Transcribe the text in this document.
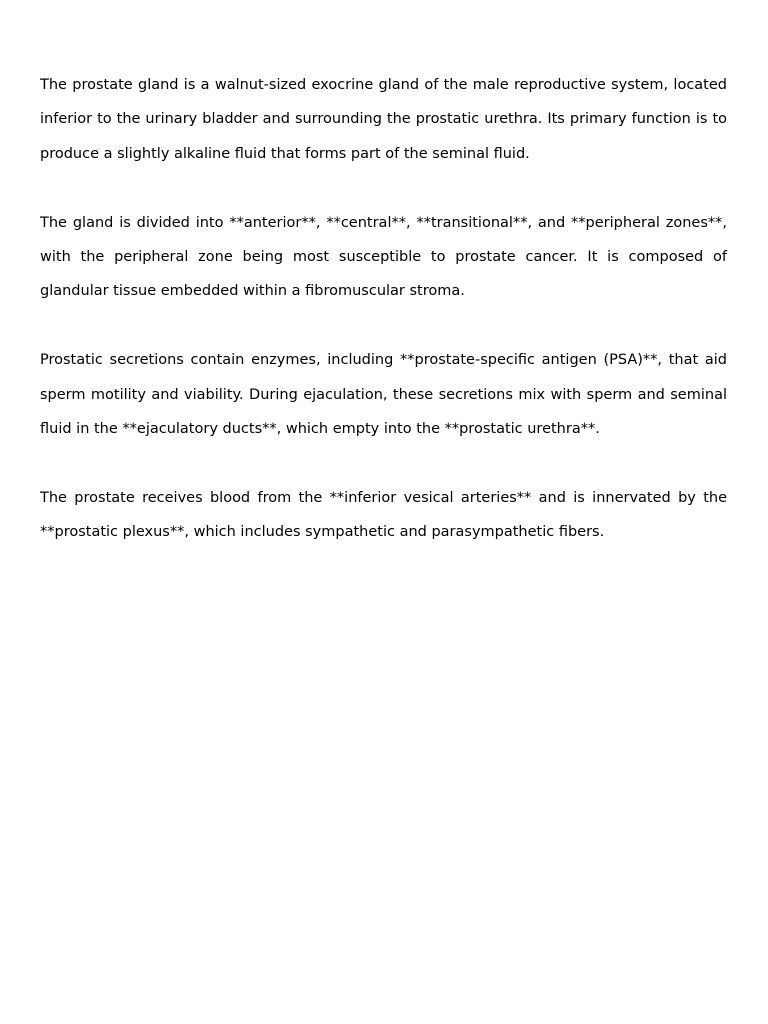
The prostate gland is a walnut-sized exocrine gland of the male reproductive system, located inferior to the urinary bladder and surrounding the prostatic urethra. Its primary function is to produce a slightly alkaline fluid that forms part of the seminal fluid.

The gland is divided into **anterior**, **central**, **transitional**, and **peripheral zones**, with the peripheral zone being most susceptible to prostate cancer. It is composed of glandular tissue embedded within a fibromuscular stroma.

Prostatic secretions contain enzymes, including **prostate-specific antigen (PSA)**, that aid sperm motility and viability. During ejaculation, these secretions mix with sperm and seminal fluid in the **ejaculatory ducts**, which empty into the **prostatic urethra**.

The prostate receives blood from the **inferior vesical arteries** and is innervated by the **prostatic plexus**, which includes sympathetic and parasympathetic fibers.
